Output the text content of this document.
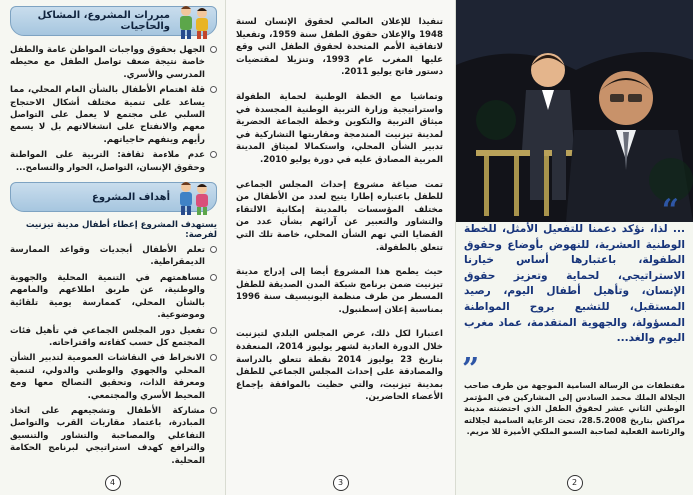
مبررات المشروع، المشاكل والحاجيات
الجهل بحقوق وواجبات المواطن عامة والطفل خاصة نتيجة ضعف تواصل الطفل مع محيطه المدرسي والأسري.
قلة اهتمام الأطفال بالشأن العام المحلي، مما يساعد على تنمية مختلف أشكال الاحتجاج السلبي على مجتمع لا يعمل على التواصل معهم والانفتاح على انشغالاتهم بل لا يسمع رأيهم ويتفهم حاجياتهم.
عدم ملاءمة ثقافة: التربية على المواطنة وحقوق الإنسان، التواصل، الحوار والتسامح...
أهداف المشروع
يستهدف المشروع إعطاء أطفال مدينة تيزنيت لفرصة:
تعلم الأطفال أبجديات وقواعد الممارسة الديمقراطية.
مساهمتهم في التنمية المحلية والجهوية والوطنية، عن طريق اطلاعهم والمامهم بالشأن المحلي، كممارسة يومية تلقائية وموضوعية.
تفعيل دور المجلس الجماعي في تأهيل فئات المجتمع كل حسب كفاءته واقتراحاته.
الانخراط في النقاشات العمومية لتدبير الشأن المحلي والجهوي والوطني والدولي، لتنمية ومعرفة الذات، وتحقيق التصالح معها ومع المحيط الأسري والمجتمعي.
مشاركة الأطفال وتشجيعهم على اتخاذ المبادرة، باعتماد مقاربات القرب والتواصل التفاعلي والمصاحبة والتشاور والتنسيق والترافع كهدف استراتيجي لبرنامج الحكامة المحلية.
4

تنفيذا للإعلان العالمي لحقوق الإنسان لسنة 1948 والإعلان حقوق الطفل سنة 1959، وتفعيلا لاتفاقية الأمم المتحدة لحقوق الطفل التي وقع عليها المغرب عام 1993، وتنزيلا لمقتضيات دستور فاتح يوليو 2011.

وتماشيا مع الخطة الوطنية لحماية الطفولة واستراتيجية وزارة التربية الوطنية المجسدة في ميثاق التربية والتكوين وخطة الجماعة الحضرية لمدينة تيزنيت المندمجة ومقاربتها التشاركية في تدبير الشأن المحلي، واستكمالا لميثاق المدينة المربية المصادق عليه في دورة يوليو 2010.

تمت صياغة مشروع إحداث المجلس الجماعي للطفل باعتباره إطارا يتيح لعدد من الأطفال من مختلف المؤسسات بالمدينة إمكانية الالتقاء والتشاور والتعبير عن آرائهم بشأن عدد من القضايا التي تهم الشأن المحلي، خاصة تلك التي تتعلق بالطفولة.

حيث يطمح هذا المشروع أيضا إلى إدراج مدينة تيزنيت ضمن برنامج شبكة المدن الصديقة للطفل المسطر من طرف منظمة اليونيسيف سنة 1996 بمناسبة إعلان إسطنبول.

اعتبارا لكل ذلك، عرض المجلس البلدي لتيزنيت خلال الدورة العادية لشهر يوليوز 2014، المنعقدة بتاريخ 23 يوليوز 2014 نقطة تتعلق بالدراسة والمصادقة على إحداث المجلس الجماعي للطفل بمدينة تيزنيت، والتي حظيت بالموافقة بإجماع الأعضاء الحاضرين.

3
“
... لذا، نؤكد دعمنا للتفعيل الأمثل، للخطة الوطنية العشرية، للنهوض بأوضاع وحقوق الطفولة، باعتبارها أساس خيارنا الاستراتيجي، لحماية وتعزيز حقوق الإنسان، وتأهيل أطفال اليوم، رصيد المستقبل، للتشبع بروح المواطنة المسؤولة، والجهوية المتقدمة، عماد مغرب اليوم والغد...
”
مقتطفات من الرسالة السامية الموجهة من طرف صاحب الجلالة الملك محمد السادس إلى المشاركين في المؤتمر الوطني الثاني عشر لحقوق الطفل الذي احتضنته مدينة مراكش بتاريخ 28.5.2008، تحت الرعاية السامية لجلالته والرئاسة الفعلية لصاحبة السمو الملكي الأميرة للا مريم.
2
